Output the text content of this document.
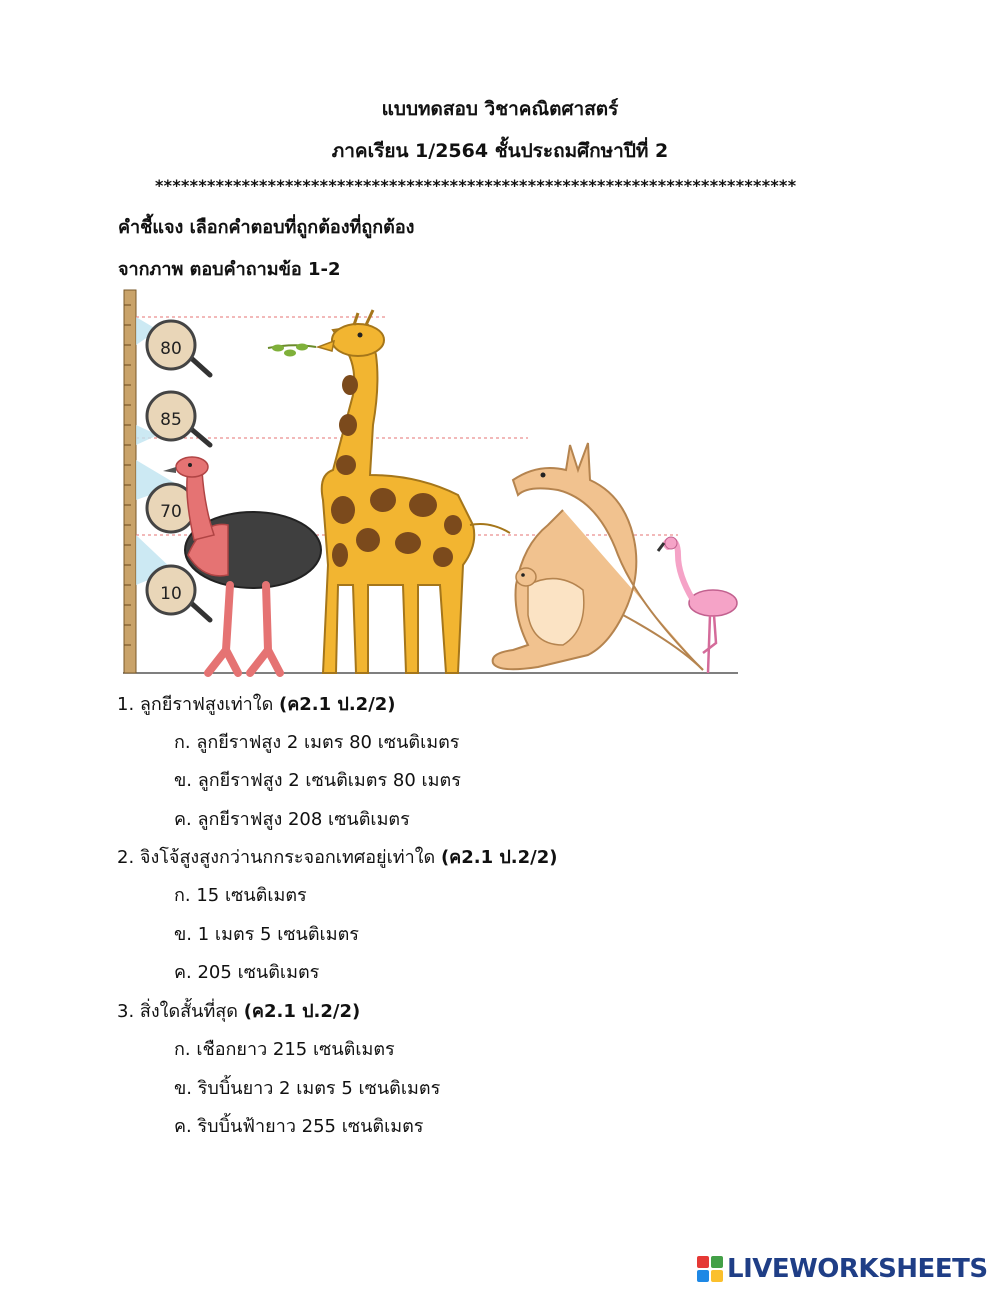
แบบทดสอบ วิชาคณิตศาสตร์
ภาคเรียน 1/2564 ชั้นประถมศึกษาปีที่ 2
**************************************************************************
คำชี้แจง เลือกคำตอบที่ถูกต้องที่ถูกต้อง
จากภาพ ตอบคำถามข้อ 1-2
80
85
70
10
1. ลูกยีราฟสูงเท่าใด (ค2.1 ป.2/2)
ก. ลูกยีราฟสูง 2 เมตร 80 เซนติเมตร
ข. ลูกยีราฟสูง 2 เซนติเมตร 80 เมตร
ค. ลูกยีราฟสูง 208 เซนติเมตร
2. จิงโจ้สูงสูงกว่านกกระจอกเทศอยู่เท่าใด (ค2.1 ป.2/2)
ก. 15 เซนติเมตร
ข. 1 เมตร 5 เซนติเมตร
ค. 205 เซนติเมตร
3. สิ่งใดสั้นที่สุด (ค2.1 ป.2/2)
ก. เชือกยาว 215 เซนติเมตร
ข. ริบบิ้นยาว 2 เมตร 5 เซนติเมตร
ค. ริบบิ้นฟ้ายาว 255 เซนติเมตร
LIVEWORKSHEETS
